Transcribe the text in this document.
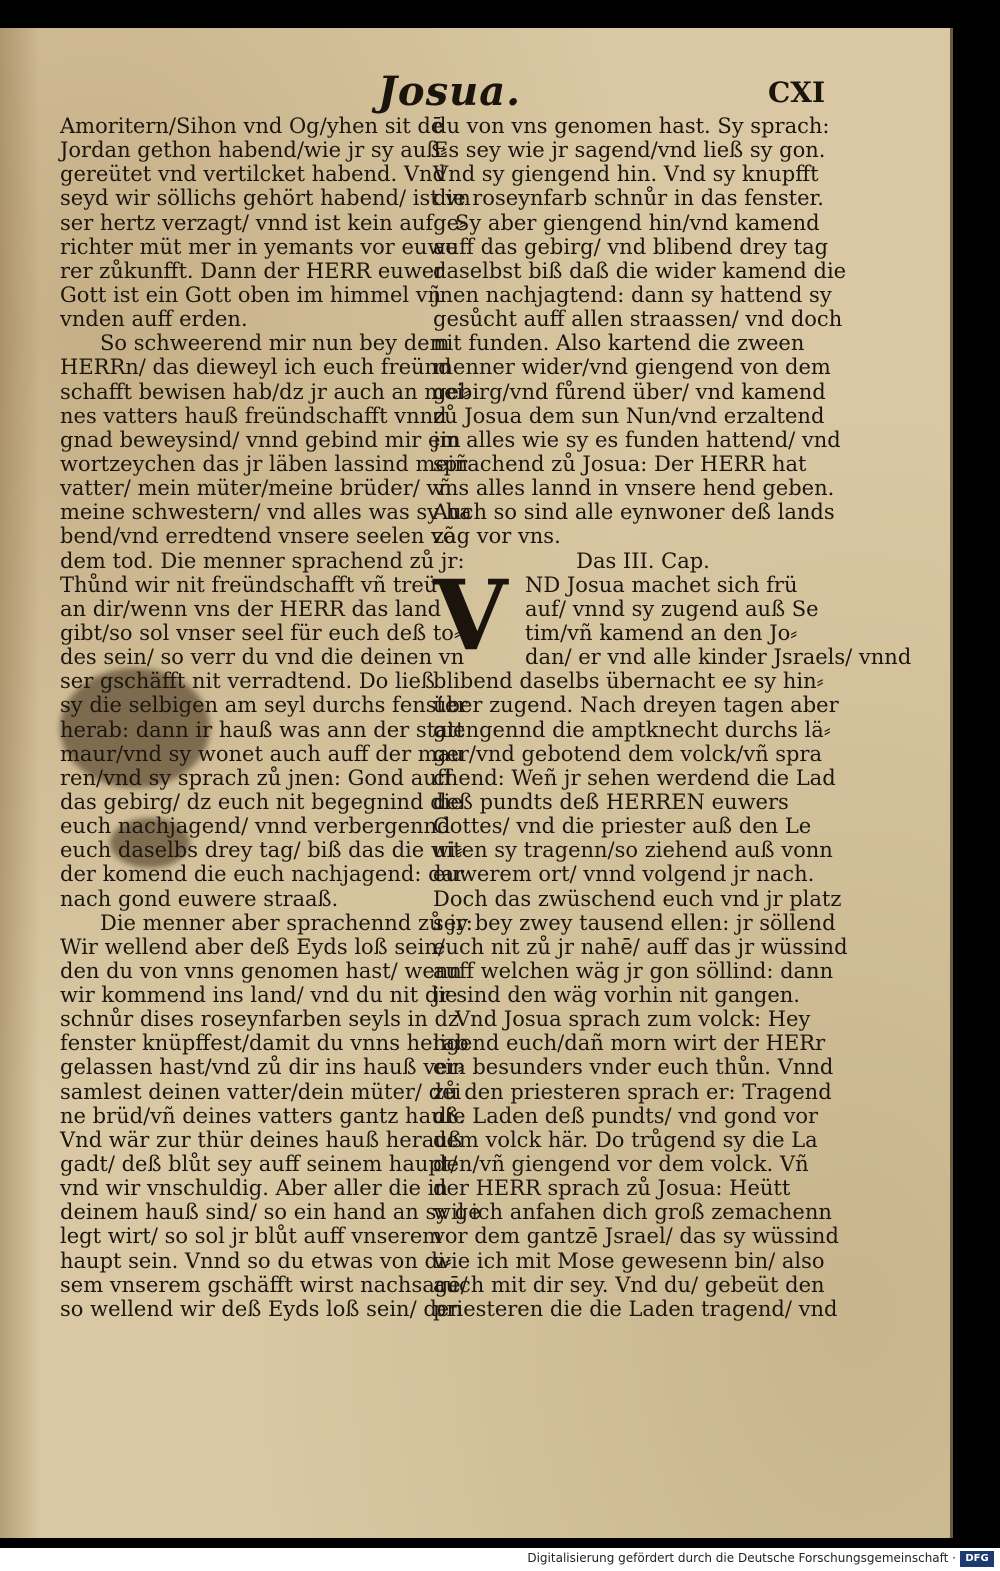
Josua.	CXI
Amoritern/Sihon vnd Og/yhen sit dē
Jordan gethon habend/wie jr sy auß⸗
gereütet vnd vertilcket habend. Vnd
seyd wir söllichs gehört habend/ ist vn
ser hertz verzagt/ vnnd ist kein aufge⸗
richter müt mer in yemants vor euwe
rer zůkunfft. Dann der HERR euwer
Gott ist ein Gott oben im himmel vñ
vnden auff erden.
So schweerend mir nun bey dem
HERRn/ das dieweyl ich euch freünd
schafft bewisen hab/dz jr auch an mei⸗
nes vatters hauß freündschafft vnnd
gnad beweysind/ vnnd gebind mir ein
wortzeychen das jr läben lassind meiñ
vatter/ mein müter/meine brüder/ vñ
meine schwestern/ vnd alles was sy ha
bend/vnd erredtend vnsere seelen võ
dem tod. Die menner sprachend zů jr:
Thůnd wir nit freündschafft vñ treüw
an dir/wenn vns der HERR das land
gibt/so sol vnser seel für euch deß to⸗
des sein/ so verr du vnd die deinen vn
ser gschäfft nit verradtend. Do ließ
sy die selbigen am seyl durchs fenster
herab: dann ir hauß was ann der statt
maur/vnd sy wonet auch auff der mau
ren/vnd sy sprach zů jnen: Gond auff
das gebirg/ dz euch nit begegnind die
euch nachjagend/ vnnd verbergennd
euch daselbs drey tag/ biß das die wi⸗
der komend die euch nachjagend: dar
nach gond euwere straaß.
Die menner aber sprachennd zů jr:
Wir wellend aber deß Eyds loß sein/
den du von vnns genomen hast/ wenn
wir kommend ins land/ vnd du nit die
schnůr dises roseynfarben seyls in dz
fenster knüpffest/damit du vnns herab
gelassen hast/vnd zů dir ins hauß ver⸗
samlest deinen vatter/dein müter/ dei
ne brüd/vñ deines vatters gantz hauß.
Vnd wär zur thür deines hauß herauß
gadt/ deß blůt sey auff seinem haupt/
vnd wir vnschuldig. Aber aller die in
deinem hauß sind/ so ein hand an sy ge
legt wirt/ so sol jr blůt auff vnserem
haupt sein. Vnnd so du etwas von di⸗
sem vnserem gschäfft wirst nachsagē/
so wellend wir deß Eyds loß sein/ den
du von vns genomen hast. Sy sprach:
Es sey wie jr sagend/vnd ließ sy gon.
Vnd sy giengend hin. Vnd sy knupfft
die roseynfarb schnůr in das fenster.
Sy aber giengend hin/vnd kamend
auff das gebirg/ vnd blibend drey tag
daselbst biß daß die wider kamend die
jnen nachjagtend: dann sy hattend sy
gesůcht auff allen straassen/ vnd doch
nit funden. Also kartend die zween
menner wider/vnd giengend von dem
gebirg/vnd fůrend über/ vnd kamend
zů Josua dem sun Nun/vnd erzaltend
jm alles wie sy es funden hattend/ vnd
sprachend zů Josua: Der HERR hat
vns alles lannd in vnsere hend geben.
Auch so sind alle eynwoner deß lands
zag vor vns.
Das III. Cap.
V ND Josua machet sich frü
auf/ vnnd sy zugend auß Se
tim/vñ kamend an den Jo⸗
dan/ er vnd alle kinder Jsraels/ vnnd
blibend daselbs übernacht ee sy hin⸗
über zugend. Nach dreyen tagen aber
giengennd die amptknecht durchs lä⸗
ger/vnd gebotend dem volck/vñ spra
chend: Weñ jr sehen werdend die Lad
deß pundts deß HERREN euwers
Gottes/ vnd die priester auß den Le
uiten sy tragenn/so ziehend auß vonn
euwerem ort/ vnnd volgend jr nach.
Doch das zwüschend euch vnd jr platz
sey bey zwey tausend ellen: jr söllend
euch nit zů jr nahē/ auff das jr wüssind
auff welchen wäg jr gon söllind: dann
jr sind den wäg vorhin nit gangen.
Vnd Josua sprach zum volck: Hey
ligend euch/dañ morn wirt der HERr
ein besunders vnder euch thůn. Vnnd
zů den priesteren sprach er: Tragend
die Laden deß pundts/ vnd gond vor
dem volck här. Do trůgend sy die La
den/vñ giengend vor dem volck. Vñ
der HERR sprach zů Josua: Heütt
wil ich anfahen dich groß zemachenn
vor dem gantzē Jsrael/ das sy wüssind
wie ich mit Mose gewesenn bin/ also
auch mit dir sey. Vnd du/ gebeüt den
priesteren die die Laden tragend/ vnd
Digitalisierung gefördert durch die Deutsche Forschungsgemeinschaft · DFG
